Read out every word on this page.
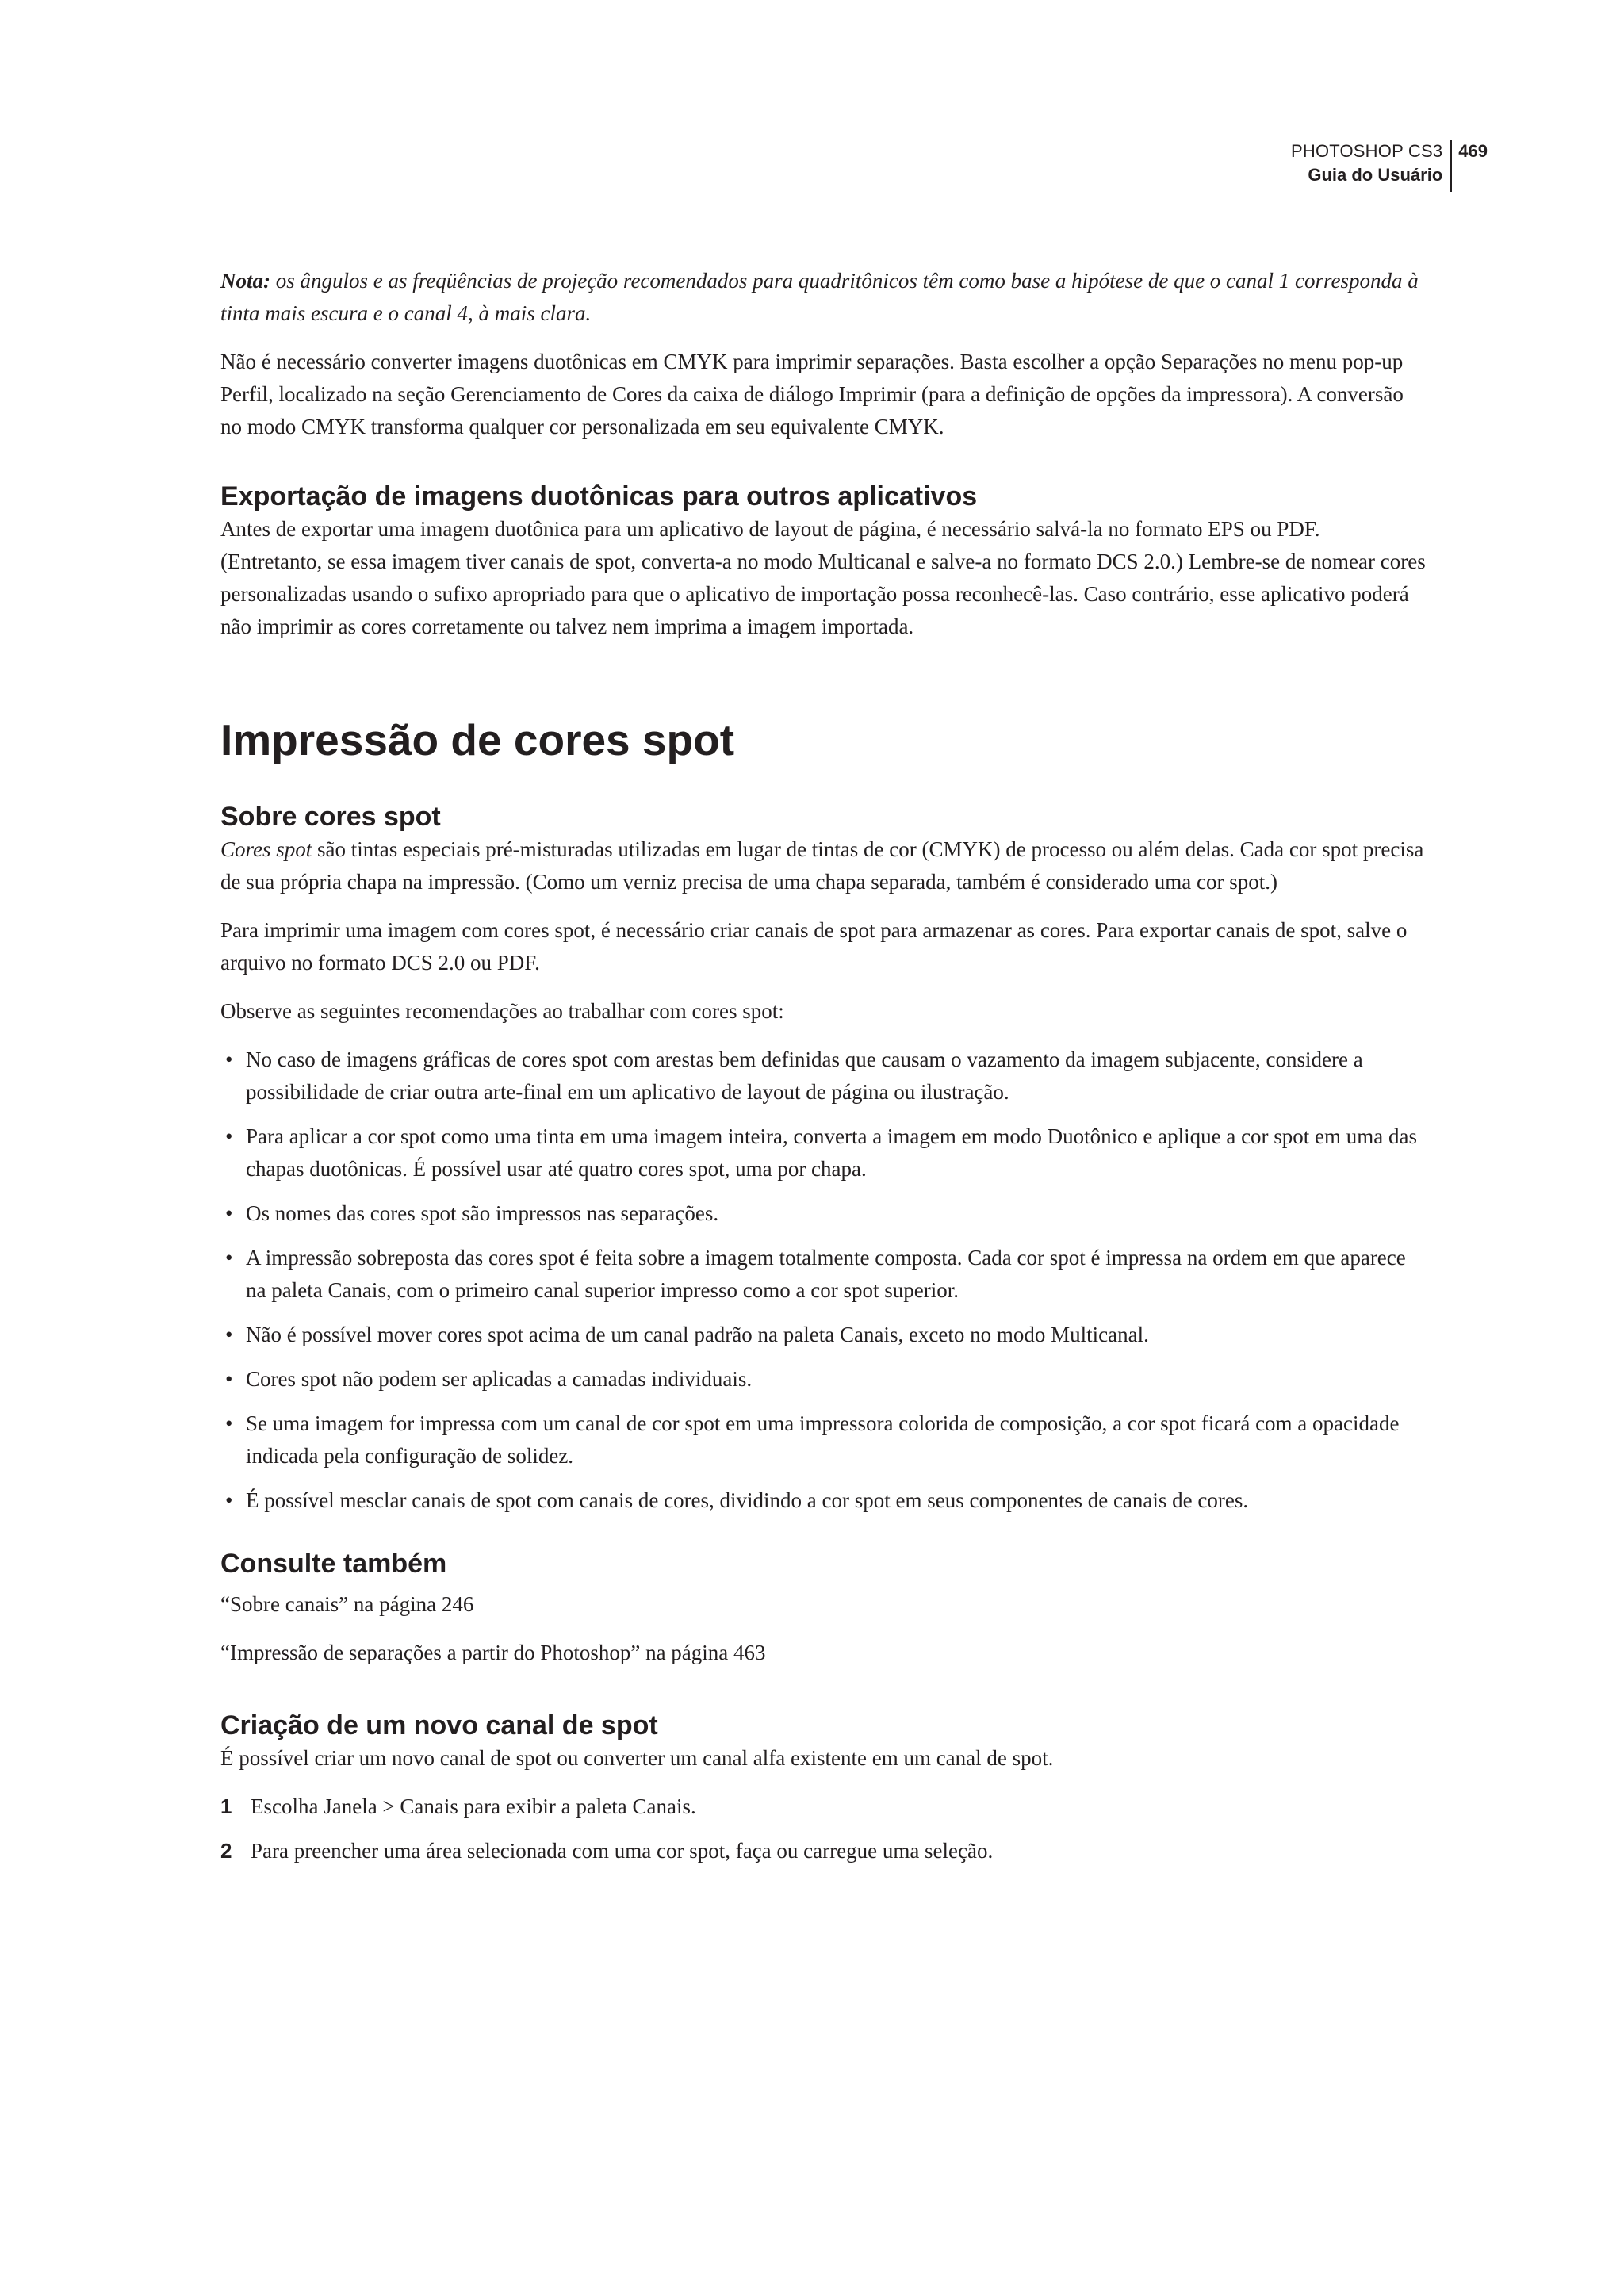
PHOTOSHOP CS3
Guia do Usuário
469

Nota: os ângulos e as freqüências de projeção recomendados para quadritônicos têm como base a hipótese de que o canal 1 corresponda à tinta mais escura e o canal 4, à mais clara.

Não é necessário converter imagens duotônicas em CMYK para imprimir separações. Basta escolher a opção Separações no menu pop-up Perfil, localizado na seção Gerenciamento de Cores da caixa de diálogo Imprimir (para a definição de opções da impressora). A conversão no modo CMYK transforma qualquer cor personalizada em seu equivalente CMYK.

Exportação de imagens duotônicas para outros aplicativos

Antes de exportar uma imagem duotônica para um aplicativo de layout de página, é necessário salvá-la no formato EPS ou PDF. (Entretanto, se essa imagem tiver canais de spot, converta-a no modo Multicanal e salve-a no formato DCS 2.0.) Lembre-se de nomear cores personalizadas usando o sufixo apropriado para que o aplicativo de importação possa reconhecê-las. Caso contrário, esse aplicativo poderá não imprimir as cores corretamente ou talvez nem imprima a imagem importada.

Impressão de cores spot
Sobre cores spot

Cores spot são tintas especiais pré-misturadas utilizadas em lugar de tintas de cor (CMYK) de processo ou além delas. Cada cor spot precisa de sua própria chapa na impressão. (Como um verniz precisa de uma chapa separada, também é considerado uma cor spot.)

Para imprimir uma imagem com cores spot, é necessário criar canais de spot para armazenar as cores. Para exportar canais de spot, salve o arquivo no formato DCS 2.0 ou PDF.

Observe as seguintes recomendações ao trabalhar com cores spot:

• No caso de imagens gráficas de cores spot com arestas bem definidas que causam o vazamento da imagem subjacente, considere a possibilidade de criar outra arte-final em um aplicativo de layout de página ou ilustração.
• Para aplicar a cor spot como uma tinta em uma imagem inteira, converta a imagem em modo Duotônico e aplique a cor spot em uma das chapas duotônicas. É possível usar até quatro cores spot, uma por chapa.
• Os nomes das cores spot são impressos nas separações.
• A impressão sobreposta das cores spot é feita sobre a imagem totalmente composta. Cada cor spot é impressa na ordem em que aparece na paleta Canais, com o primeiro canal superior impresso como a cor spot superior.
• Não é possível mover cores spot acima de um canal padrão na paleta Canais, exceto no modo Multicanal.
• Cores spot não podem ser aplicadas a camadas individuais.
• Se uma imagem for impressa com um canal de cor spot em uma impressora colorida de composição, a cor spot ficará com a opacidade indicada pela configuração de solidez.
• É possível mesclar canais de spot com canais de cores, dividindo a cor spot em seus componentes de canais de cores.
Consulte também

“Sobre canais” na página 246

“Impressão de separações a partir do Photoshop” na página 463

Criação de um novo canal de spot

É possível criar um novo canal de spot ou converter um canal alfa existente em um canal de spot.

1 Escolha Janela > Canais para exibir a paleta Canais.
2 Para preencher uma área selecionada com uma cor spot, faça ou carregue uma seleção.
